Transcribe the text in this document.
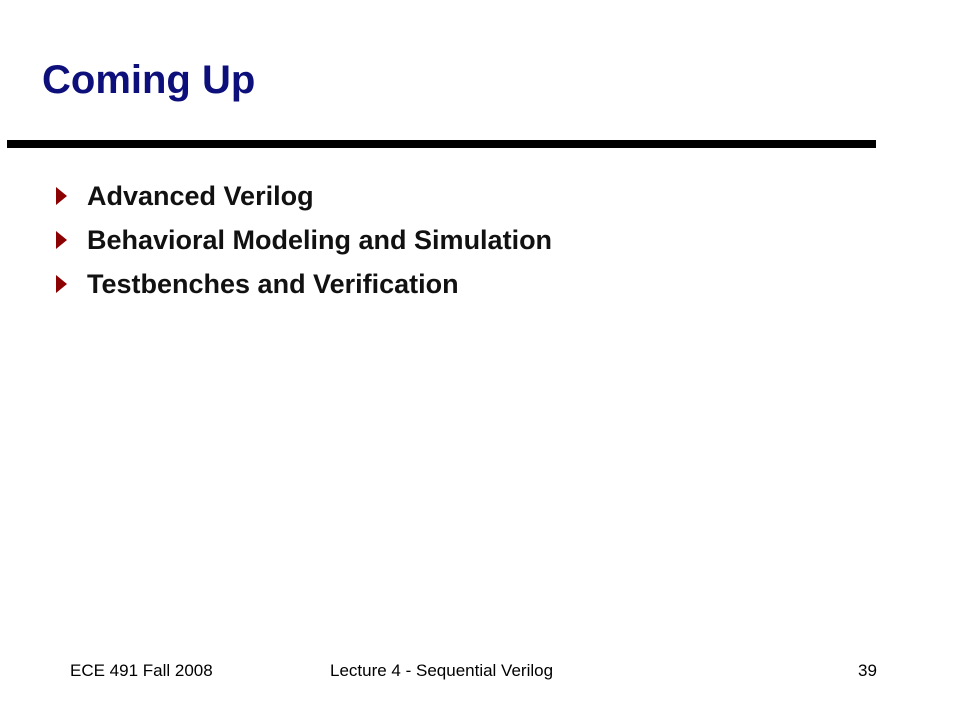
Coming Up
Advanced Verilog
Behavioral Modeling and Simulation
Testbenches and Verification
ECE 491 Fall 2008	Lecture 4 - Sequential Verilog	39
